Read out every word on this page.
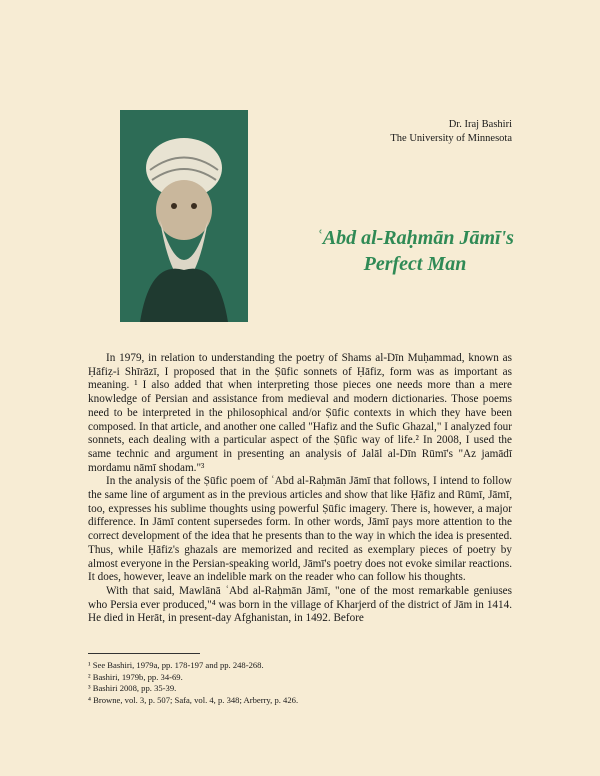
Dr. Iraj Bashiri
The University of Minnesota
ʿAbd al-Raḥmān Jāmī's
Perfect Man

In 1979, in relation to understanding the poetry of Shams al-Dīn Muḥammad, known as Ḥāfiẓ-i Shīrāzī, I proposed that in the Ṣūfic sonnets of Ḥāfiz, form was as important as meaning. ¹ I also added that when interpreting those pieces one needs more than a mere knowledge of Persian and assistance from medieval and modern dictionaries. Those poems need to be interpreted in the philosophical and/or Ṣūfic contexts in which they have been composed. In that article, and another one called "Hafiz and the Sufic Ghazal," I analyzed four sonnets, each dealing with a particular aspect of the Ṣūfic way of life.² In 2008, I used the same technic and argument in presenting an analysis of Jalāl al-Dīn Rūmī's "Az jamādī mordamu nāmī shodam."³

In the analysis of the Ṣūfic poem of ʿAbd al-Raḥmān Jāmī that follows, I intend to follow the same line of argument as in the previous articles and show that like Ḥāfiz and Rūmī, Jāmī, too, expresses his sublime thoughts using powerful Ṣūfic imagery. There is, however, a major difference. In Jāmī content supersedes form. In other words, Jāmī pays more attention to the correct development of the idea that he presents than to the way in which the idea is presented. Thus, while Ḥāfiz's ghazals are memorized and recited as exemplary pieces of poetry by almost everyone in the Persian-speaking world, Jāmī's poetry does not evoke similar reactions. It does, however, leave an indelible mark on the reader who can follow his thoughts.

With that said, Mawlānā ʿAbd al-Raḥmān Jāmī, "one of the most remarkable geniuses who Persia ever produced,"⁴ was born in the village of Kharjerd of the district of Jām in 1414. He died in Herāt, in present-day Afghanistan, in 1492. Before

¹ See Bashiri, 1979a, pp. 178-197 and pp. 248-268.
² Bashiri, 1979b, pp. 34-69.
³ Bashiri 2008, pp. 35-39.
⁴ Browne, vol. 3, p. 507; Safa, vol. 4, p. 348; Arberry, p. 426.
